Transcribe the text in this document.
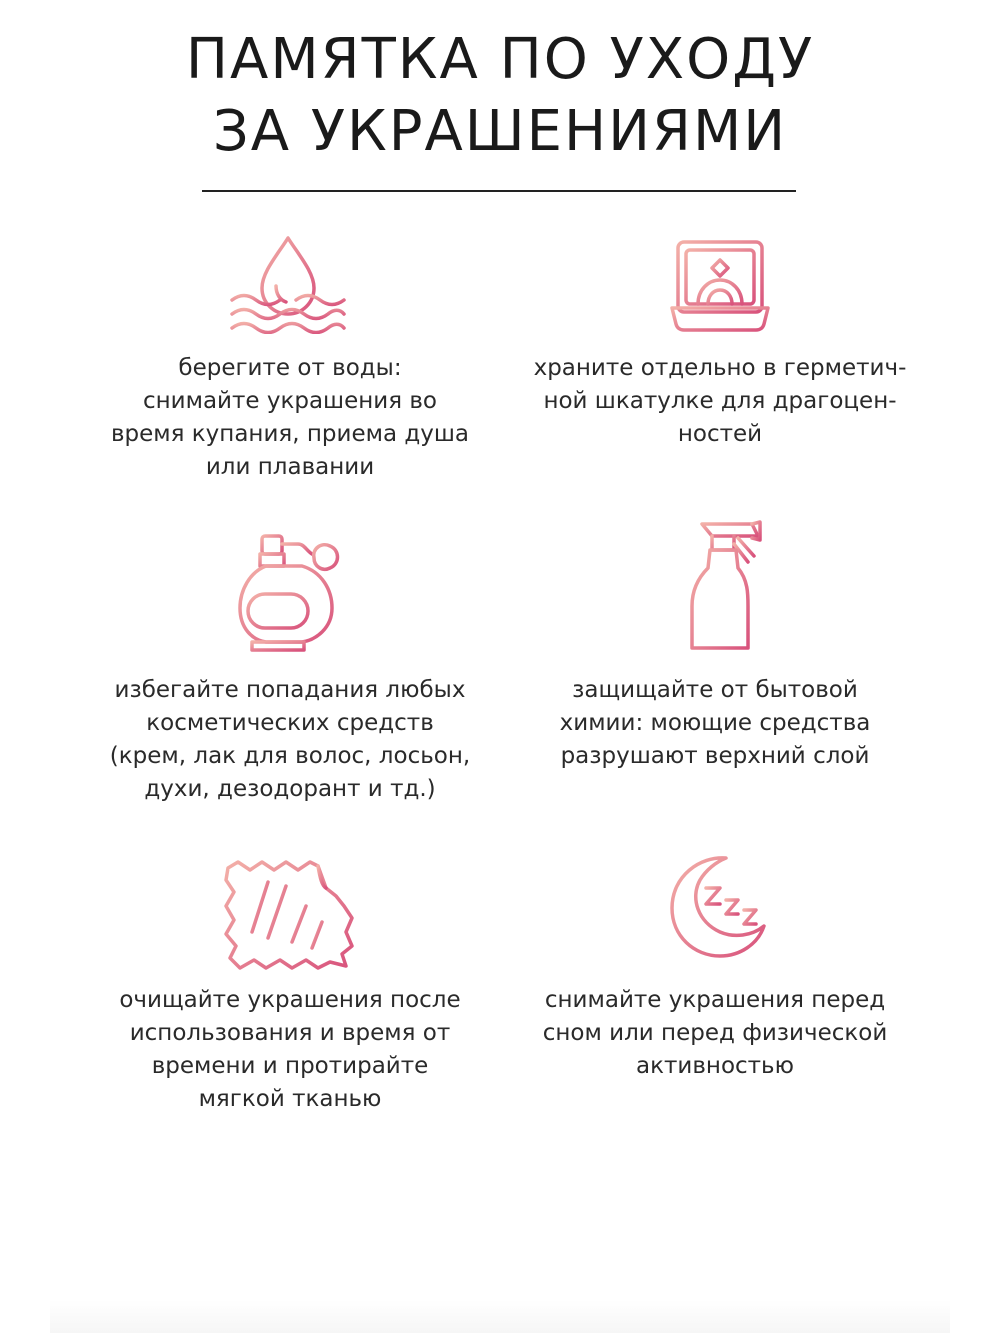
ПАМЯТКА ПО УХОДУ
ЗА УКРАШЕНИЯМИ
берегите от воды:
снимайте украшения во
время купания, приема душа
или плавании
храните отдельно в герметич-
ной шкатулке для драгоцен-
ностей
избегайте попадания любых
косметических средств
(крем, лак для волос, лосьон,
духи, дезодорант и тд.)
защищайте от бытовой
химии: моющие средства
разрушают верхний слой
очищайте украшения после
использования и время от
времени и протирайте
мягкой тканью
снимайте украшения перед
сном или перед физической
активностью
